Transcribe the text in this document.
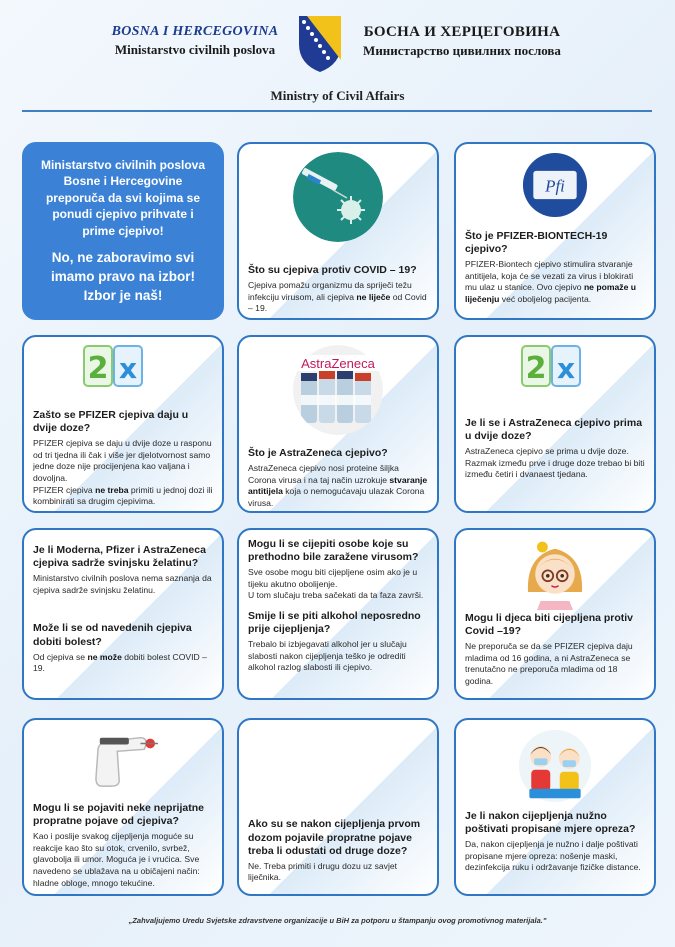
BOSNA I HERCEGOVINA
Ministarstvo civilnih poslova
БОСНА И ХЕРЦЕГОВИНА
Министарство цивилних послова
Ministry of Civil Affairs
Ministarstvo civilnih poslova Bosne i Hercegovine preporuča da svi kojima se ponudi cjepivo prihvate i prime cjepivo!
No, ne zaboravimo svi imamo pravo na izbor! Izbor je naš!
Što su cjepiva protiv COVID – 19?
Cjepiva pomažu organizmu da spriječi težu infekciju virusom, ali cjepiva ne liječe od Covid – 19.
Pfi
Što je PFIZER-BIONTECH-19 cjepivo?
PFIZER-Biontech cjepivo stimulira stvaranje antitijela, koja će se vezati za virus i blokirati mu ulaz u stanice. Ovo cjepivo ne pomaže u liječenju već oboljelog pacijenta.
2 x
Zašto se PFIZER cjepiva daju u dvije doze?
PFIZER cjepiva se daju u dvije doze u rasponu od tri tjedna ili čak i više jer djelotvornost samo jedne doze nije procijenjena kao valjana i dovoljna.
PFIZER cjepiva ne treba primiti u jednoj dozi ili kombinirati sa drugim cjepivima.
AstraZeneca
Što je AstraZeneca cjepivo?
AstraZeneca cjepivo nosi proteine šiljka Corona virusa i na taj način uzrokuje stvaranje antitijela koja o nemogućavaju ulazak Corona virusa.
2 x
Je li se i AstraZeneca cjepivo prima u dvije doze?
AstraZeneca cjepivo se prima u dvije doze.
Razmak između prve i druge doze trebao bi biti između četiri i dvanaest tjedana.
Je li Moderna, Pfizer i AstraZeneca cjepiva sadrže svinjsku želatinu?
Ministarstvo civilnih poslova nema saznanja da cjepiva sadrže svinjsku želatinu.
Može li se od navedenih cjepiva dobiti bolest?
Od cjepiva se ne može dobiti bolest COVID – 19.
Mogu li se cijepiti osobe koje su prethodno bile zaražene virusom?
Sve osobe mogu biti cijepljene osim ako je u tijeku akutno obolijenje.
U tom slučaju treba sačekati da ta faza završi.
Smije li se piti alkohol neposredno prije cijepljenja?
Trebalo bi izbjegavati alkohol jer u slučaju slabosti nakon cijepljenja teško je odrediti alkohol razlog slabosti ili cjepivo.
Mogu li djeca biti cijepljena protiv Covid –19?
Ne preporuča se da se PFIZER cjepiva daju mladima od 16 godina, a ni AstraZeneca se trenutačno ne preporuča mladima od 18 godina.
Mogu li se pojaviti neke neprijatne propratne pojave od cjepiva?
Kao i poslije svakog cijepljenja moguće su reakcije kao što su otok, crvenilo, svrbež, glavobolja ili umor. Moguća je i vrućica. Sve navedeno se ublažava na u običajeni način: hladne obloge, mnogo tekućine.
Ako su se nakon cijepljenja prvom dozom pojavile propratne pojave treba li odustati od druge doze?
Ne. Treba primiti i drugu dozu uz savjet liječnika.
Je li nakon cijepljenja nužno poštivati propisane mjere opreza?
Da, nakon cijepljenja je nužno i dalje poštivati propisane mjere opreza: nošenje maski, dezinfekcija ruku i održavanje fizičke distance.
„Zahvaljujemo Uredu Svjetske zdravstvene organizacije u BiH za potporu u štampanju ovog promotivnog materijala."
